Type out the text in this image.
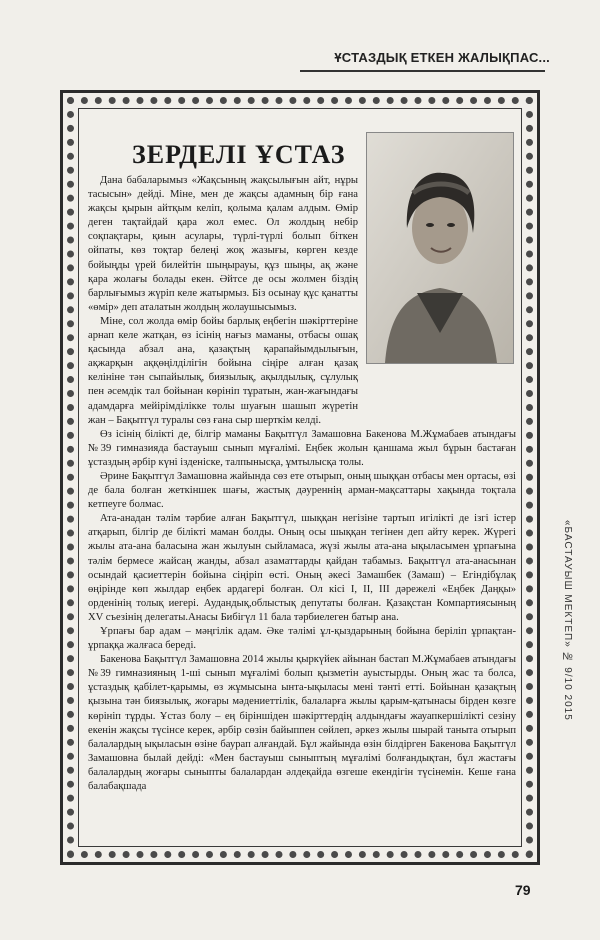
ҰСТАЗДЫҚ ЕТКЕН ЖАЛЫҚПАС...
ЗЕРДЕЛІ ҰСТАЗ

Дана бабаларымыз «Жақсының жақсылығын айт, нұры тасысын» дейді. Міне, мен де жақсы адамның бір ғана жақсы қырын айтқым келіп, қолыма қалам алдым. Өмір деген тақтайдай қара жол емес. Ол жолдың небір соқпақтары, қиын асулары, түрлі-түрлі болып біткен ойпаты, көз тоқтар белеңі жоқ жазығы, көрген кезде бойыңды үрей билейтін шыңырауы, құз шыңы, ақ және қара жолағы болады екен. Әйтсе де осы жолмен біздің барлығымыз жүріп келе жатырмыз. Біз осынау құс қанатты «өмір» деп аталатын жолдың жолаушысымыз.

Міне, сол жолда өмір бойы барлық еңбегін шәкірттеріне арнап келе жатқан, өз ісінің нағыз маманы, отбасы ошақ қасында абзал ана, қазақтың қарапайымдылығын, ақжарқын аққөңілділігін бойына сіңіре алған қазақ келініне тән сыпайылық, биязылық, ақылдылық, сұлулық пен әсемдік тал бойынан көрініп тұратын, жан-жағындағы адамдарға мейірімділікке толы шуағын шашып жүретін жан – Бақытгүл туралы сөз ғана сыр шерткім келді.

Өз ісінің білікті де, білгір маманы Бақытгүл Замашовна Бакенова М.Жұмабаев атындағы №39 гимназияда бастауыш сынып мұғалімі. Еңбек жолын қаншама жыл бұрын бастаған ұстаздың әрбір күні ізденіске, талпынысқа, ұмтылысқа толы.

Әрине Бақытгүл Замашовна жайында сөз ете отырып, оның шыққан отбасы мен ортасы, өзі де бала болған жеткіншек шағы, жастық дәуреннің арман-мақсаттары хақында тоқтала кетпеуге болмас.

Ата-анадан тәлім тәрбие алған Бақытгүл, шыққан негізіне тартып игілікті де ізгі істер атқарып, білгір де білікті маман болды. Оның осы шыққан тегінен деп айту керек. Жүрегі жылы ата-ана баласына жан жылуын сыйламаса, жүзі жылы ата-ана ықыласымен ұрпағына тәлім бермесе жайсаң жанды, абзал азаматтарды қайдан табамыз. Бақытгүл ата-анасынан осындай қасиеттерін бойына сіңіріп өсті. Оның әкесі Замашбек (Замаш) – Егіндібұлақ өңірінде көп жылдар еңбек ардагері болған. Ол кісі І, ІІ, ІІІ дәрежелі «Еңбек Даңқы» орденінің толық иегері. Аудандық,облыстық депутаты болған. Қазақстан Компартиясының ХV съезінің делегаты.Анасы Бибігүл 11 бала тәрбиелеген батыр ана.

Ұрпағы бар адам – мәңгілік адам. Әке тәлімі ұл-қыздарының бойына беріліп ұрпақтан-ұрпаққа жалғаса береді.

Бакенова Бақытгүл Замашовна 2014 жылы қыркүйек айынан бастап М.Жұмабаев атындағы №39 гимназияның 1-ші сынып мұғалімі болып қызметін ауыстырды. Оның жас та болса, ұстаздық қабілет-қарымы, өз жұмысына ынта-ықыласы мені тәнті етті. Бойынан қазақтың қызына тән биязылық, жоғары мәдениеттілік, балаларға жылы қарым-қатынасы бірден көзге көрініп тұрды. Ұстаз болу – ең біріншіден шәкірттердің алдындағы жауапкершілікті сезіну екенін жақсы түсінсе керек, әрбір сөзін байыппен сөйлеп, әркез жылы шырай таныта отырып балалардың ықыласын өзіне баурап алғандай. Бұл жайында өзін білдірген Бакенова Бақытгүл Замашовна былай дейді: «Мен бастауыш сыныптың мұғалімі болғандықтан, бұл жастағы балалардың жоғары сыныпты балалардан әлдеқайда өзгеше екендігін түсінемін. Кеше ғана балабақшада

«БАСТАУЫШ МЕКТЕП» № 9/10 2015
79
